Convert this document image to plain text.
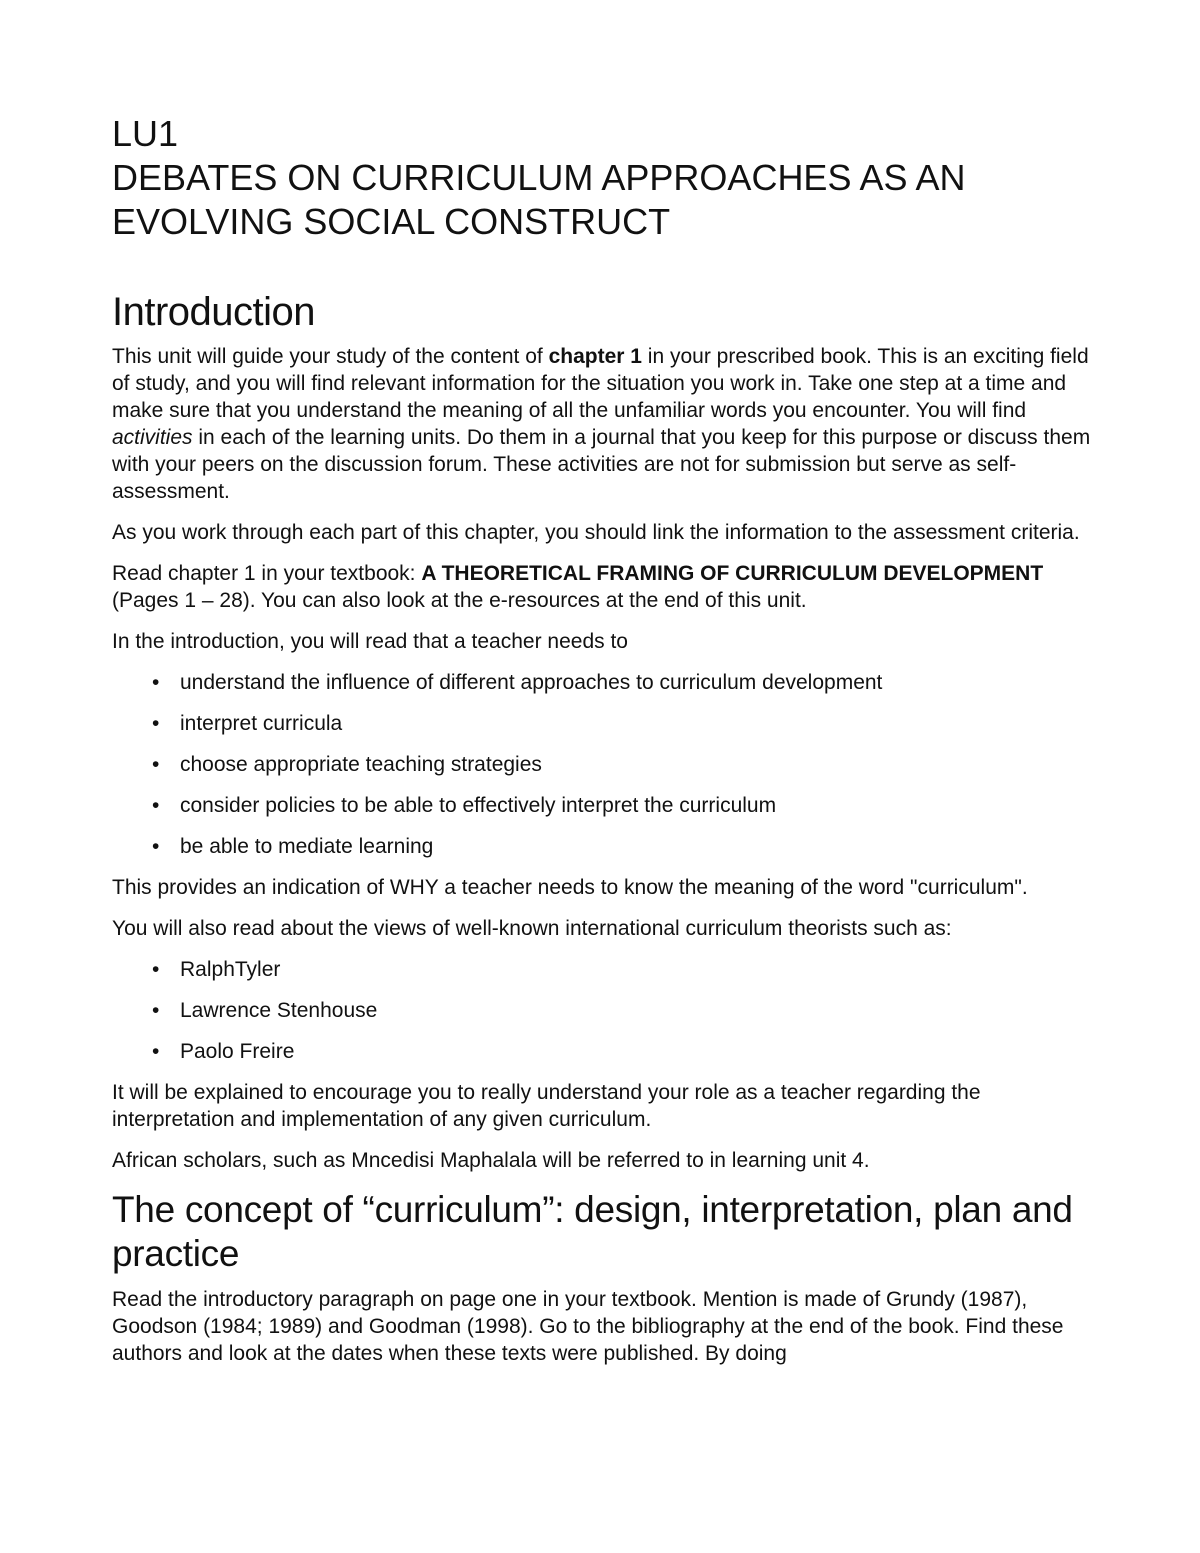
LU1
DEBATES ON CURRICULUM APPROACHES AS AN
EVOLVING SOCIAL CONSTRUCT
Introduction

This unit will guide your study of the content of chapter 1 in your prescribed book. This is an exciting field of study, and you will find relevant information for the situation you work in. Take one step at a time and make sure that you understand the meaning of all the unfamiliar words you encounter. You will find activities in each of the learning units. Do them in a journal that you keep for this purpose or discuss them with your peers on the discussion forum. These activities are not for submission but serve as self-assessment.

As you work through each part of this chapter, you should link the information to the assessment criteria.

Read chapter 1 in your textbook: A THEORETICAL FRAMING OF CURRICULUM DEVELOPMENT (Pages 1 – 28). You can also look at the e-resources at the end of this unit.

In the introduction, you will read that a teacher needs to

• understand the influence of different approaches to curriculum development
• interpret curricula
• choose appropriate teaching strategies
• consider policies to be able to effectively interpret the curriculum
• be able to mediate learning

This provides an indication of WHY a teacher needs to know the meaning of the word "curriculum".

You will also read about the views of well-known international curriculum theorists such as:

• RalphTyler
• Lawrence Stenhouse
• Paolo Freire

It will be explained to encourage you to really understand your role as a teacher regarding the interpretation and implementation of any given curriculum.

African scholars, such as Mncedisi Maphalala will be referred to in learning unit 4.

The concept of “curriculum”: design, interpretation, plan and practice

Read the introductory paragraph on page one in your textbook. Mention is made of Grundy (1987), Goodson (1984; 1989) and Goodman (1998). Go to the bibliography at the end of the book. Find these authors and look at the dates when these texts were published. By doing
